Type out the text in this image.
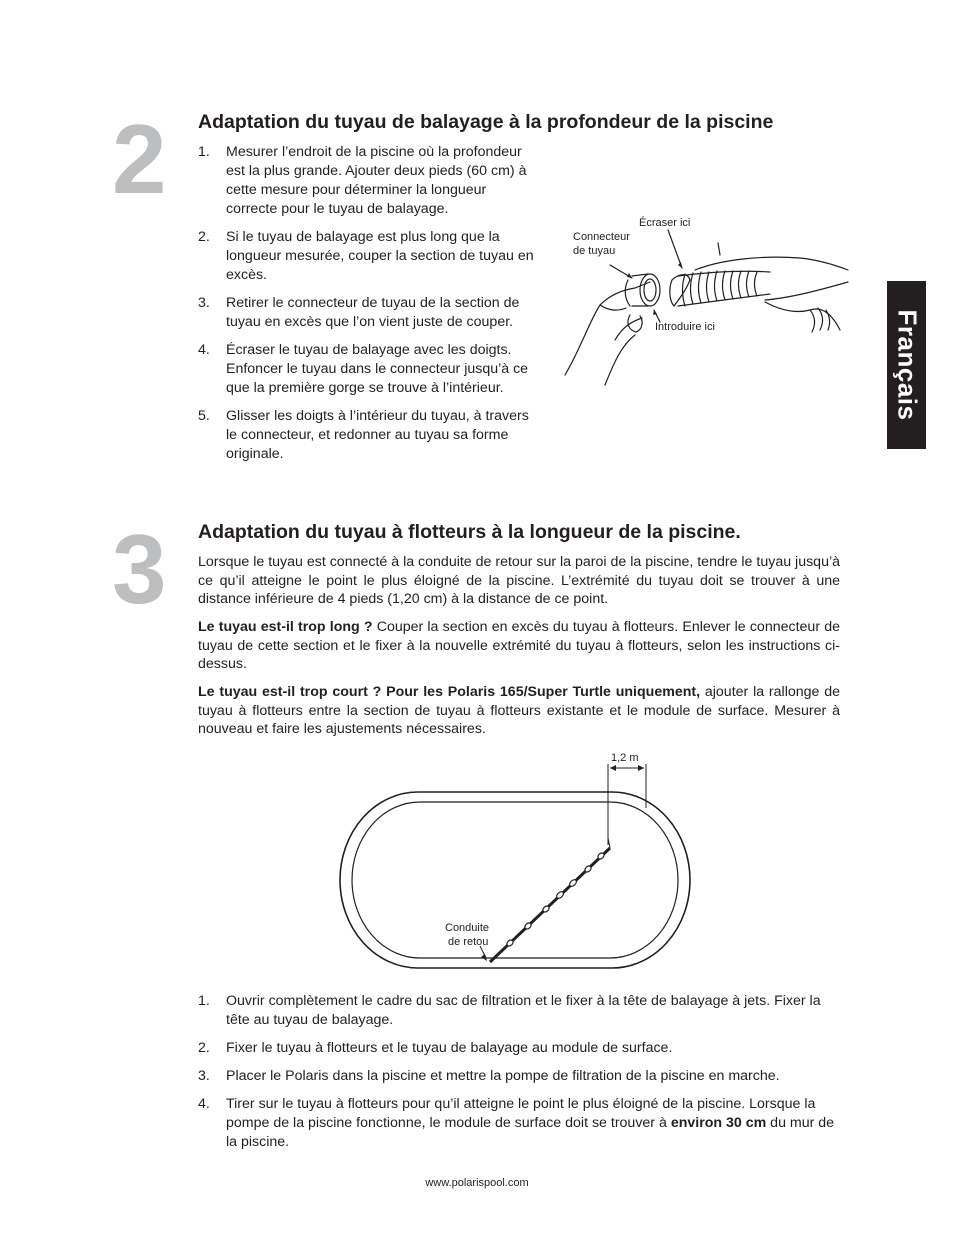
Français
2 Adaptation du tuyau de balayage à la profondeur de la piscine
1. Mesurer l’endroit de la piscine où la profondeur est la plus grande. Ajouter deux pieds (60 cm) à cette mesure pour déterminer la longueur correcte pour le tuyau de balayage.
2. Si le tuyau de balayage est plus long que la longueur mesurée, couper la section de tuyau en excès.
3. Retirer le connecteur de tuyau de la section de tuyau en excès que l’on vient juste de couper.
4. Écraser le tuyau de balayage avec les doigts. Enfoncer le tuyau dans le connecteur jusqu’à ce que la première gorge se trouve à l’intérieur.
5. Glisser les doigts à l’intérieur du tuyau, à travers le connecteur, et redonner au tuyau sa forme originale.
Écraser ici
Connecteur
de tuyau
Introduire ici
3 Adaptation du tuyau à flotteurs à la longueur de la piscine.

Lorsque le tuyau est connecté à la conduite de retour sur la paroi de la piscine, tendre le tuyau jusqu’à ce qu’il atteigne le point le plus éloigné de la piscine. L’extrémité du tuyau doit se trouver à une distance inférieure de 4 pieds (1,20 cm) à la distance de ce point.

Le tuyau est-il trop long ? Couper la section en excès du tuyau à flotteurs. Enlever le connecteur de tuyau de cette section et le fixer à la nouvelle extrémité du tuyau à flotteurs, selon les instructions ci-dessus.

Le tuyau est-il trop court ? Pour les Polaris 165/Super Turtle uniquement, ajouter la rallonge de tuyau à flotteurs entre la section de tuyau à flotteurs existante et le module de surface. Mesurer à nouveau et faire les ajustements nécessaires.

1,2 m
Conduite
de retou
1. Ouvrir complètement le cadre du sac de filtration et le fixer à la tête de balayage à jets. Fixer la tête au tuyau de balayage.
2. Fixer le tuyau à flotteurs et le tuyau de balayage au module de surface.
3. Placer le Polaris dans la piscine et mettre la pompe de filtration de la piscine en marche.
4. Tirer sur le tuyau à flotteurs pour qu’il atteigne le point le plus éloigné de la piscine. Lorsque la pompe de la piscine fonctionne, le module de surface doit se trouver à environ 30 cm du mur de la piscine.
www.polarispool.com
